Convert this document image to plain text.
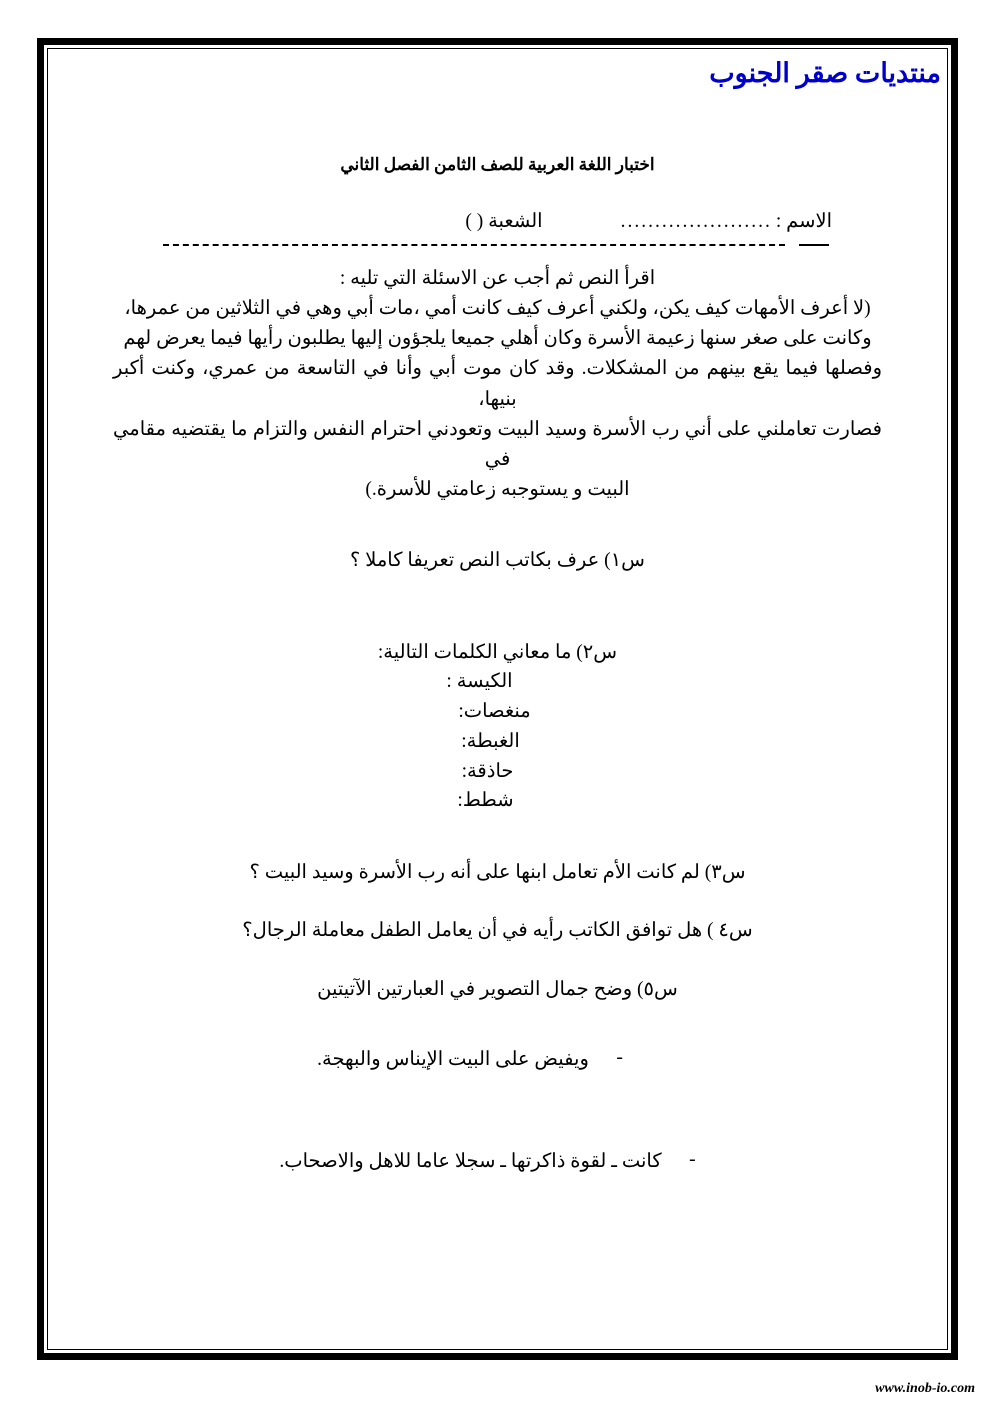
منتديات صقر الجنوب
اختبار اللغة العربية للصف الثامن الفصل الثاني
الاسم :
......................
الشعبة ( )
اقرأ النص ثم أجب عن الاسئلة التي تليه :

(لا أعرف الأمهات كيف يكن، ولكني أعرف كيف كانت أمي ،مات أبي وهي في الثلاثين من عمرها،

وكانت على صغر سنها زعيمة الأسرة وكان أهلي جميعا يلجؤون إليها يطلبون رأيها فيما يعرض لهم

وفصلها فيما يقع بينهم من المشكلات. وقد كان موت أبي وأنا في التاسعة من عمري، وكنت أكبر بنيها،

فصارت تعاملني على أني رب الأسرة وسيد البيت وتعودني احترام النفس والتزام ما يقتضيه مقامي في

البيت و يستوجبه زعامتي للأسرة.)

س١) عرف بكاتب النص تعريفا كاملا ؟
س٢) ما معاني الكلمات التالية:
الكيسة :
منغصات:
الغبطة:
حاذقة:
شطط:
س٣) لم كانت الأم تعامل ابنها على أنه رب الأسرة وسيد البيت ؟
س٤ ) هل توافق الكاتب رأيه في أن يعامل الطفل معاملة الرجال؟
س٥) وضح جمال التصوير في العبارتين الآتيتين
-
ويفيض على البيت الإيناس والبهجة.
-
كانت ـ لقوة ذاكرتها ـ سجلا عاما للاهل والاصحاب.
www.inob-io.com
